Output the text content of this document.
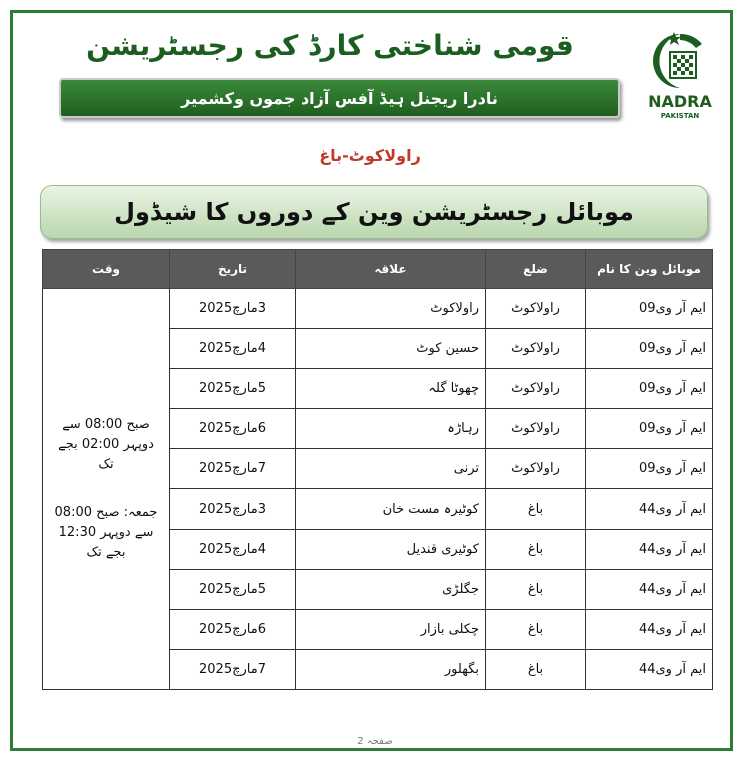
قومی شناختی کارڈ کی رجسٹریشن
نادرا ریجنل ہیڈ آفس آزاد جموں وکشمیر	NADRA
PAKISTAN
راولاکوٹ-باغ
موبائل رجسٹریشن وین کے دوروں کا شیڈول
موبائل وین کا نام	ضلع	علاقہ	تاریخ	وقت
ایم آر وی09	راولاکوٹ	راولاکوٹ	3مارچ2025	صبح 08:00 سے دوپہر 02:00 بجے تک
جمعہ: صبح 08:00 سے دوپہر 12:30 بجے تک

ایم آر وی09	راولاکوٹ	حسین کوٹ	4مارچ2025	
ایم آر وی09	راولاکوٹ	چھوٹا گلہ	5مارچ2025	
ایم آر وی09	راولاکوٹ	رہاڑہ	6مارچ2025	
ایم آر وی09	راولاکوٹ	ترنی	7مارچ2025	
ایم آر وی44	باغ	کوٹیرہ مست خان	3مارچ2025	
ایم آر وی44	باغ	کوٹیری قندیل	4مارچ2025	
ایم آر وی44	باغ	جگلڑی	5مارچ2025	
ایم آر وی44	باغ	چکلی بازار	6مارچ2025	
ایم آر وی44	باغ	بگھلور	7مارچ2025	
صفحہ 2
